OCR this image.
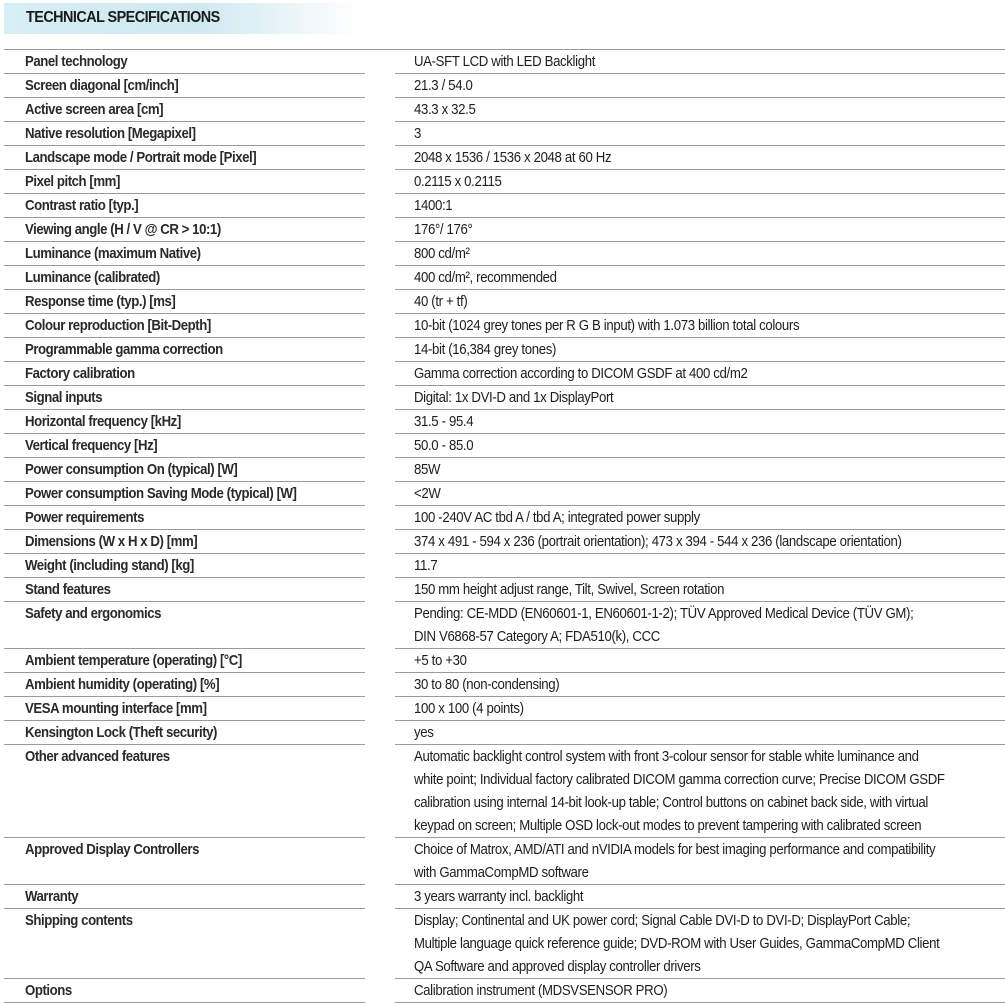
TECHNICAL SPECIFICATIONS
Panel technology	UA-SFT LCD with LED Backlight
Screen diagonal [cm/inch]	21.3 / 54.0
Active screen area [cm]	43.3 x 32.5
Native resolution [Megapixel]	3
Landscape mode / Portrait mode [Pixel]	2048 x 1536 / 1536 x 2048 at 60 Hz
Pixel pitch [mm]	0.2115 x 0.2115
Contrast ratio [typ.]	1400:1
Viewing angle (H / V @ CR > 10:1)	176°/ 176°
Luminance (maximum Native)	800 cd/m²
Luminance (calibrated)	400 cd/m², recommended
Response time (typ.) [ms]	40 (tr + tf)
Colour reproduction [Bit-Depth]	10-bit (1024 grey tones per R G B input) with 1.073 billion total colours
Programmable gamma correction	14-bit (16,384 grey tones)
Factory calibration	Gamma correction according to DICOM GSDF at 400 cd/m2
Signal inputs	Digital: 1x DVI-D and 1x DisplayPort
Horizontal frequency [kHz]	31.5 - 95.4
Vertical frequency [Hz]	50.0 - 85.0
Power consumption On (typical) [W]	85W
Power consumption Saving Mode (typical) [W]	<2W
Power requirements	100 -240V AC tbd A / tbd A; integrated power supply
Dimensions (W x H x D) [mm]	374 x 491 - 594 x 236 (portrait orientation); 473 x 394 - 544 x 236 (landscape orientation)
Weight (including stand) [kg]	11.7
Stand features	150 mm height adjust range, Tilt, Swivel, Screen rotation
Safety and ergonomics	Pending: CE-MDD (EN60601-1, EN60601-1-2); TÜV Approved Medical Device (TÜV GM);
DIN V6868-57 Category A; FDA510(k), CCC
Ambient temperature (operating) [°C]	+5 to +30
Ambient humidity (operating) [%]	30 to 80 (non-condensing)
VESA mounting interface [mm]	100 x 100 (4 points)
Kensington Lock (Theft security)	yes
Other advanced features	Automatic backlight control system with front 3-colour sensor for stable white luminance and
white point; Individual factory calibrated DICOM gamma correction curve; Precise DICOM GSDF
calibration using internal 14-bit look-up table; Control buttons on cabinet back side, with virtual
keypad on screen; Multiple OSD lock-out modes to prevent tampering with calibrated screen
Approved Display Controllers	Choice of Matrox, AMD/ATI and nVIDIA models for best imaging performance and compatibility
with GammaCompMD software
Warranty	3 years warranty incl. backlight
Shipping contents	Display; Continental and UK power cord; Signal Cable DVI-D to DVI-D; DisplayPort Cable;
Multiple language quick reference guide; DVD-ROM with User Guides, GammaCompMD Client
QA Software and approved display controller drivers
Options	Calibration instrument (MDSVSENSOR PRO)
